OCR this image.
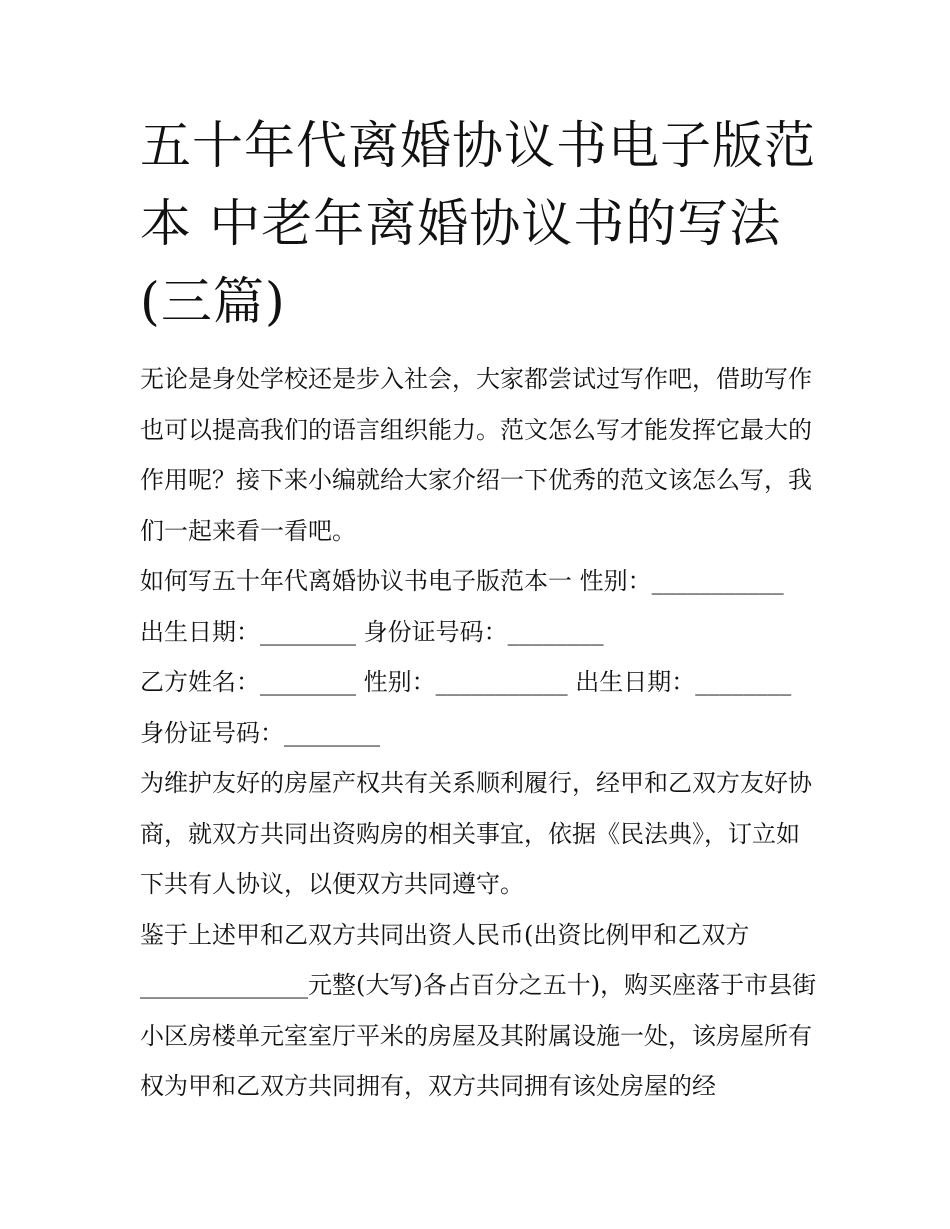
五十年代离婚协议书电子版范本 中老年离婚协议书的写法(三篇)

无论是身处学校还是步入社会，大家都尝试过写作吧，借助写作也可以提高我们的语言组织能力。范文怎么写才能发挥它最大的作用呢？接下来小编就给大家介绍一下优秀的范文该怎么写，我们一起来看一看吧。

如何写五十年代离婚协议书电子版范本一 性别：___________

出生日期：________ 身份证号码：________

乙方姓名：________ 性别：___________ 出生日期：________

身份证号码：________

为维护友好的房屋产权共有关系顺利履行，经甲和乙双方友好协商，就双方共同出资购房的相关事宜，依据《民法典》，订立如下共有人协议，以便双方共同遵守。

鉴于上述甲和乙双方共同出资人民币(出资比例甲和乙双方______________元整(大写)各占百分之五十)，购买座落于市县街小区房楼单元室室厅平米的房屋及其附属设施一处，该房屋所有权为甲和乙双方共同拥有，双方共同拥有该处房屋的经
